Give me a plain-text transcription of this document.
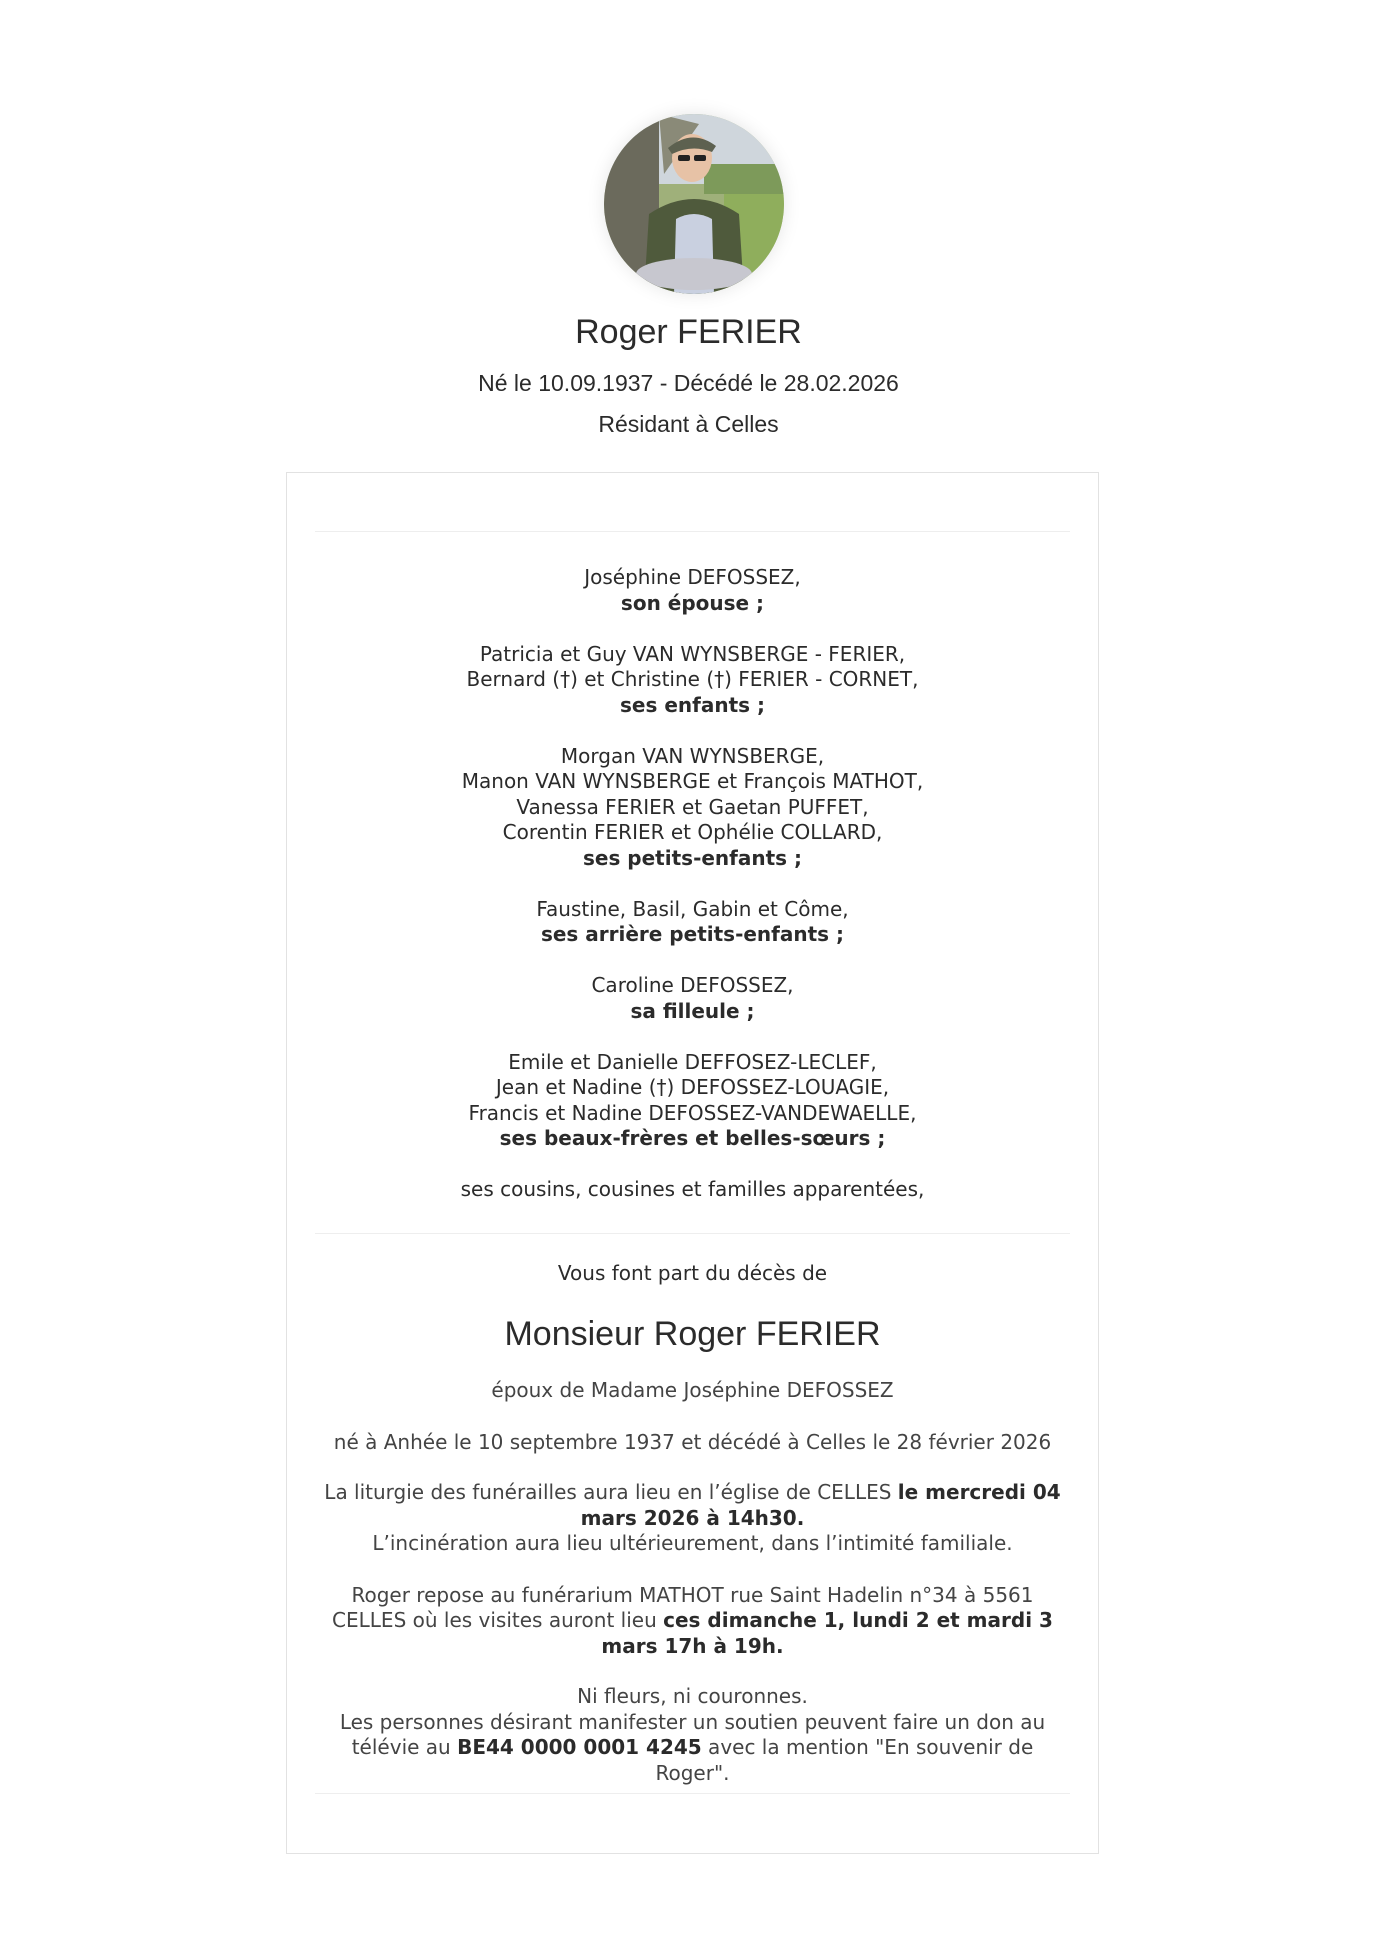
Roger FERIER
Né le 10.09.1937 - Décédé le 28.02.2026
Résidant à Celles
Joséphine DEFOSSEZ,
son épouse ;
Patricia et Guy VAN WYNSBERGE - FERIER,
Bernard (†) et Christine (†) FERIER - CORNET,
ses enfants ;
Morgan VAN WYNSBERGE,
Manon VAN WYNSBERGE et François MATHOT,
Vanessa FERIER et Gaetan PUFFET,
Corentin FERIER et Ophélie COLLARD,
ses petits-enfants ;
Faustine, Basil, Gabin et Côme,
ses arrière petits-enfants ;
Caroline DEFOSSEZ,
sa filleule ;
Emile et Danielle DEFFOSEZ-LECLEF,
Jean et Nadine (†) DEFOSSEZ-LOUAGIE,
Francis et Nadine DEFOSSEZ-VANDEWAELLE,
ses beaux-frères et belles-sœurs ;
ses cousins, cousines et familles apparentées,
Vous font part du décès de
Monsieur Roger FERIER
époux de Madame Joséphine DEFOSSEZ
né à Anhée le 10 septembre 1937 et décédé à Celles le 28 février 2026
La liturgie des funérailles aura lieu en l’église de CELLES le mercredi 04 mars 2026 à 14h30.
L’incinération aura lieu ultérieurement, dans l’intimité familiale.
Roger repose au funérarium MATHOT rue Saint Hadelin n°34 à 5561 CELLES où les visites auront lieu ces dimanche 1, lundi 2 et mardi 3 mars 17h à 19h.
Ni fleurs, ni couronnes.
Les personnes désirant manifester un soutien peuvent faire un don au télévie au BE44 0000 0001 4245 avec la mention "En souvenir de Roger".
